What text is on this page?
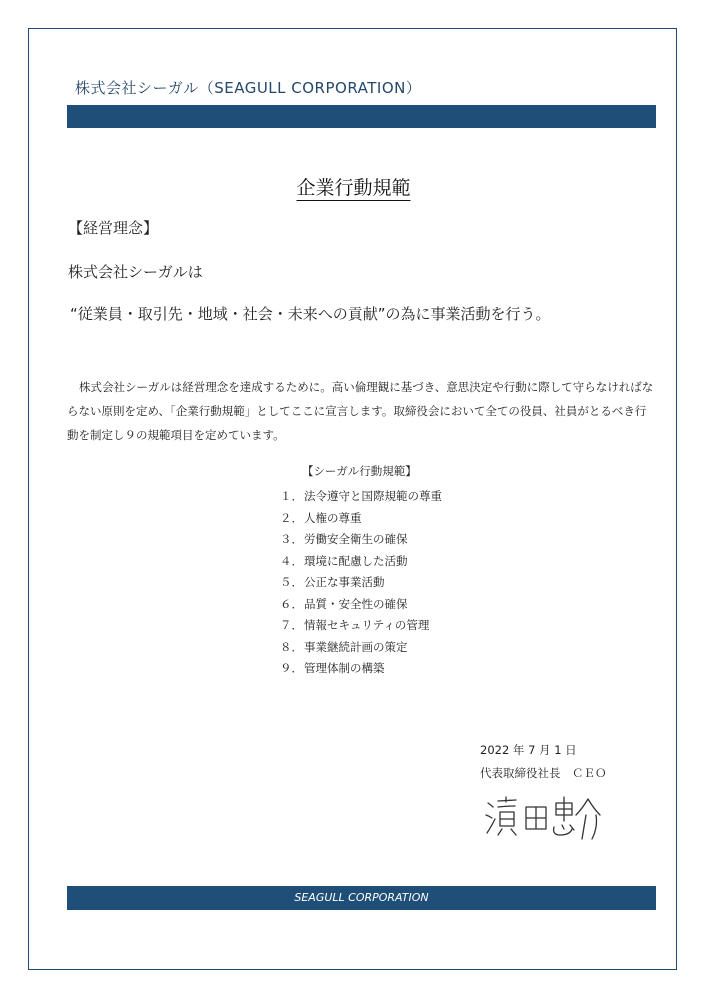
株式会社シーガル（SEAGULL CORPORATION）
企業行動規範
【経営理念】
株式会社シーガルは
“従業員・取引先・地域・社会・未来への貢献”の為に事業活動を行う。
株式会社シーガルは経営理念を達成するために。高い倫理観に基づき、意思決定や行動に際して守らなければならない原則を定め、「企業行動規範」としてここに宣言します。取締役会において全ての役員、社員がとるべき行動を制定し９の規範項目を定めています。
【シーガル行動規範】
１．法令遵守と国際規範の尊重
２．人権の尊重
３．労働安全衛生の確保
４．環境に配慮した活動
５．公正な事業活動
６．品質・安全性の確保
７．情報セキュリティの管理
８．事業継続計画の策定
９．管理体制の構築
2022 年 7 月 1 日
代表取締役社長　ＣＥＯ
SEAGULL CORPORATION
